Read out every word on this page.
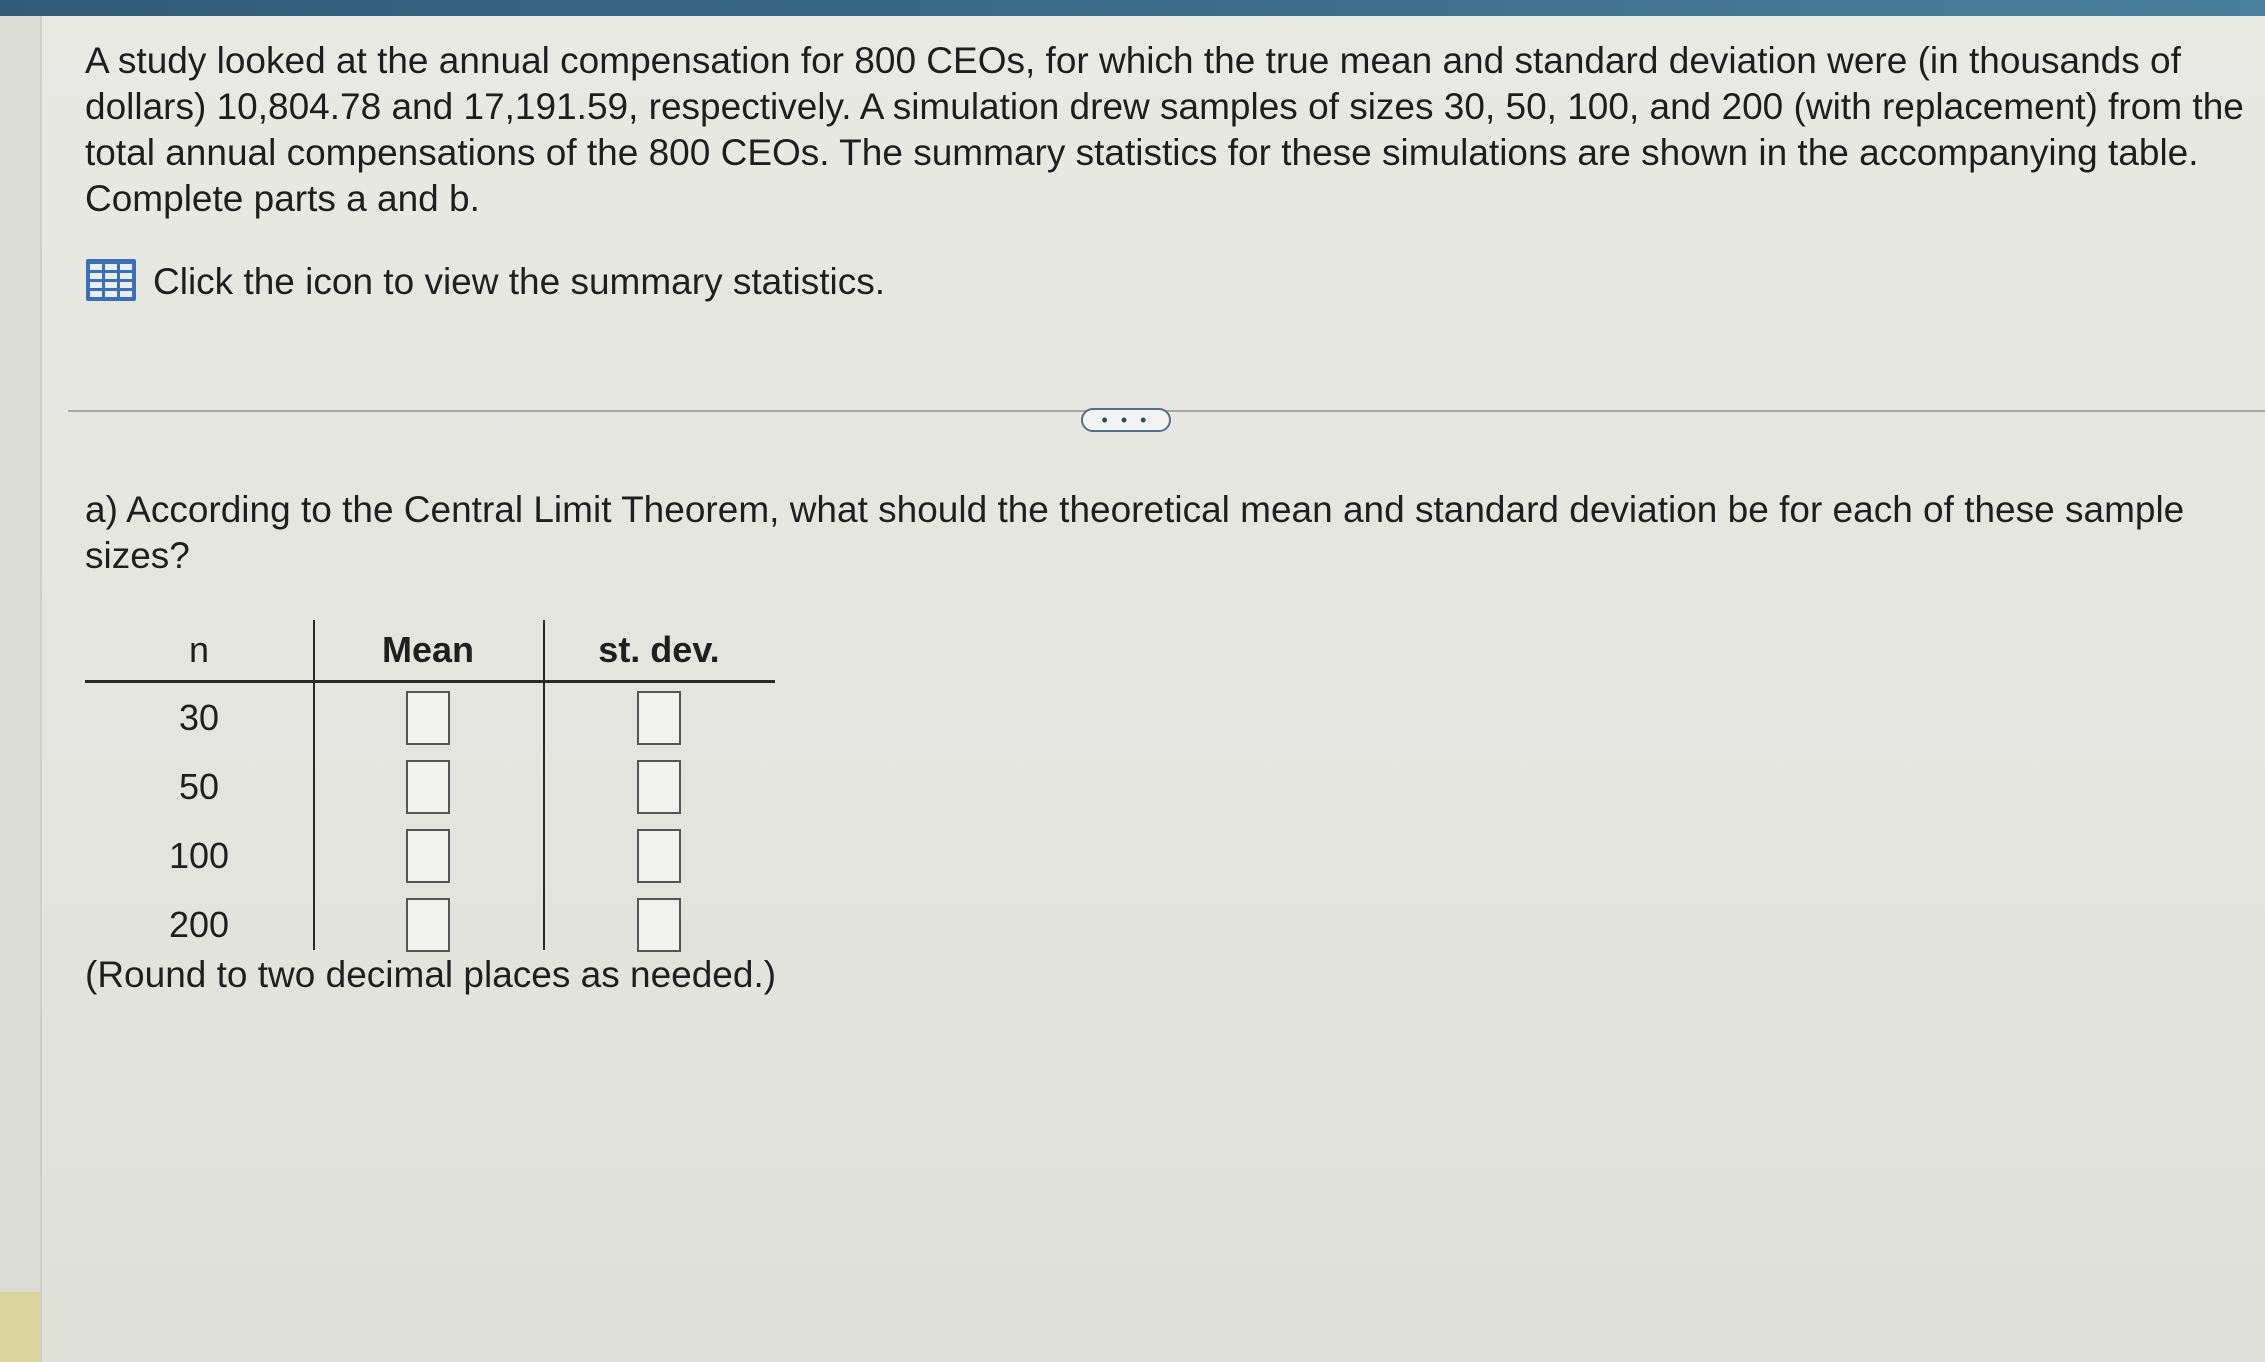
A study looked at the annual compensation for 800 CEOs, for which the true mean and standard deviation were (in thousands of dollars) 10,804.78 and 17,191.59, respectively. A simulation drew samples of sizes 30, 50, 100, and 200 (with replacement) from the total annual compensations of the 800 CEOs. The summary statistics for these simulations are shown in the accompanying table. Complete parts a and b.

Click the icon to view the summary statistics.
• • •

a) According to the Central Limit Theorem, what should the theoretical mean and standard deviation be for each of these sample sizes?

n	Mean	st. dev.
30
50
100
200

(Round to two decimal places as needed.)
